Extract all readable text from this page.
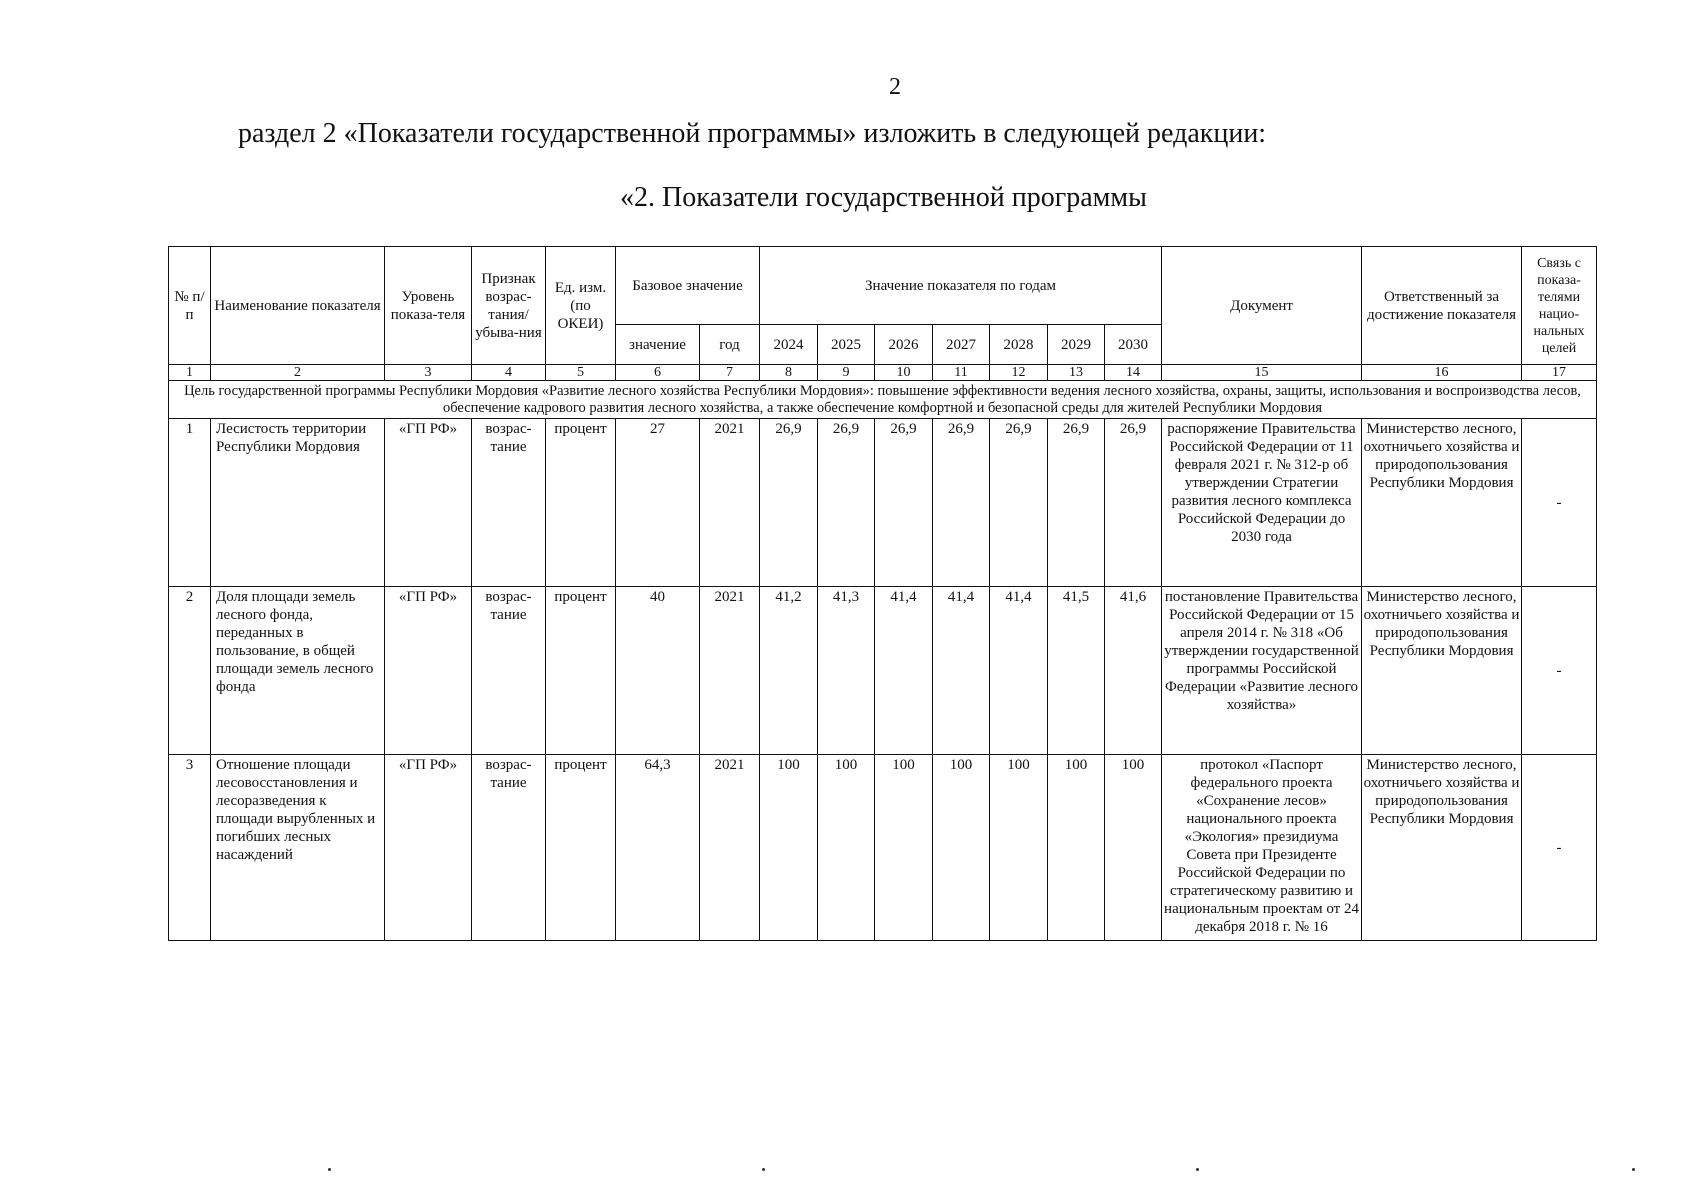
2
раздел 2 «Показатели государственной программы» изложить в следующей редакции:
«2. Показатели государственной программы
№ п/п	Наименование показателя	Уровень показа-теля	Признак возрас-тания/ убыва-ния	Ед. изм. (по ОКЕИ)	Базовое значение		Значение показателя по годам							Документ	Ответственный за достижение показателя	Связь с показа-телями нацио-нальных целей
					значение	год	2024	2025	2026	2027	2028	2029	2030			
1	2	3	4	5	6	7	8	9	10	11	12	13	14	15	16	17
Цель государственной программы Республики Мордовия «Развитие лесного хозяйства Республики Мордовия»: повышение эффективности ведения лесного хозяйства, охраны, защиты, использования и воспроизводства лесов, обеспечение кадрового развития лесного хозяйства, а также обеспечение комфортной и безопасной среды для жителей Республики Мордовия																
1	Лесистость территории Республики Мордовия	«ГП РФ»	возрас-тание	процент	27	2021	26,9	26,9	26,9	26,9	26,9	26,9	26,9	распоряжение Правительства Российской Федерации от 11 февраля 2021 г. № 312-р об утверждении Стратегии развития лесного комплекса Российской Федерации до 2030 года	Министерство лесного, охотничьего хозяйства и природопользования Республики Мордовия	-
2	Доля площади земель лесного фонда, переданных в пользование, в общей площади земель лесного фонда	«ГП РФ»	возрас-тание	процент	40	2021	41,2	41,3	41,4	41,4	41,4	41,5	41,6	постановление Правительства Российской Федерации от 15 апреля 2014 г. № 318 «Об утверждении государственной программы Российской Федерации «Развитие лесного хозяйства»	Министерство лесного, охотничьего хозяйства и природопользования Республики Мордовия	-
3	Отношение площади лесовосстановления и лесоразведения к площади вырубленных и погибших лесных насаждений	«ГП РФ»	возрас-тание	процент	64,3	2021	100	100	100	100	100	100	100	протокол «Паспорт федерального проекта «Сохранение лесов» национального проекта «Экология» президиума Совета при Президенте Российской Федерации по стратегическому развитию и национальным проектам от 24 декабря 2018 г. № 16	Министерство лесного, охотничьего хозяйства и природопользования Республики Мордовия	-
